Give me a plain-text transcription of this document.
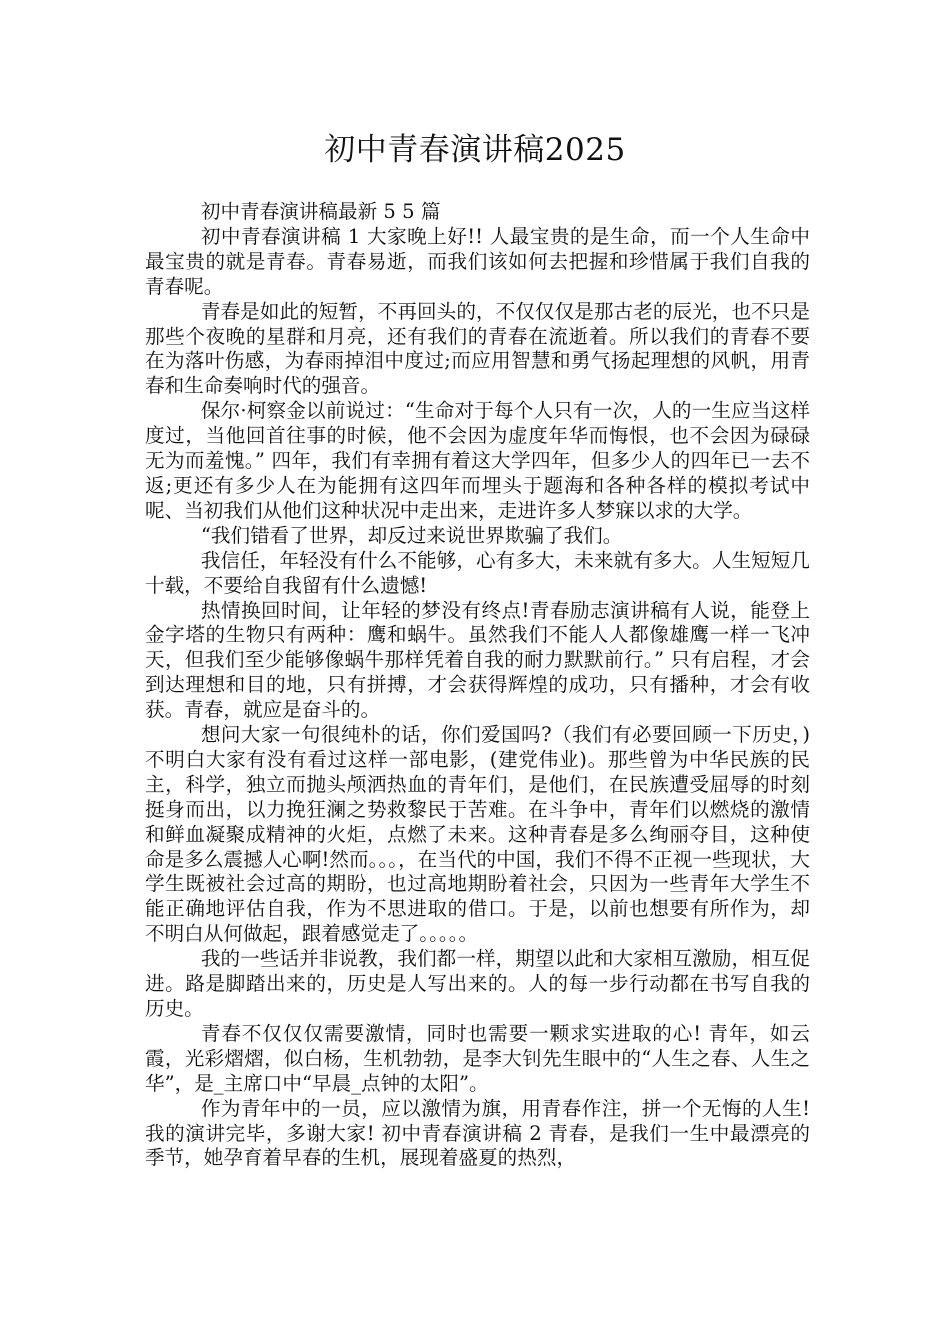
初中青春演讲稿2025

初中青春演讲稿最新 5 5 篇

初中青春演讲稿 1 大家晚上好!! 人最宝贵的是生命，而一个人生命中最宝贵的就是青春。青春易逝，而我们该如何去把握和珍惜属于我们自我的青春呢。

青春是如此的短暂，不再回头的，不仅仅仅是那古老的辰光，也不只是那些个夜晚的星群和月亮，还有我们的青春在流逝着。所以我们的青春不要在为落叶伤感，为春雨掉泪中度过;而应用智慧和勇气扬起理想的风帆，用青春和生命奏响时代的强音。

保尔·柯察金以前说过：“生命对于每个人只有一次，人的一生应当这样度过，当他回首往事的时候，他不会因为虚度年华而悔恨，也不会因为碌碌无为而羞愧。” 四年，我们有幸拥有着这大学四年，但多少人的四年已一去不返;更还有多少人在为能拥有这四年而埋头于题海和各种各样的模拟考试中呢、当初我们从他们这种状况中走出来，走进许多人梦寐以求的大学。

“我们错看了世界，却反过来说世界欺骗了我们。

我信任，年轻没有什么不能够，心有多大，未来就有多大。人生短短几十载，不要给自我留有什么遗憾!

热情换回时间，让年轻的梦没有终点!青春励志演讲稿有人说，能登上金字塔的生物只有两种：鹰和蜗牛。虽然我们不能人人都像雄鹰一样一飞冲天，但我们至少能够像蜗牛那样凭着自我的耐力默默前行。” 只有启程，才会到达理想和目的地，只有拼搏，才会获得辉煌的成功，只有播种，才会有收获。青春，就应是奋斗的。

想问大家一句很纯朴的话，你们爱国吗?（我们有必要回顾一下历史，)不明白大家有没有看过这样一部电影，(建党伟业)。那些曾为中华民族的民主，科学，独立而抛头颅洒热血的青年们，是他们，在民族遭受屈辱的时刻挺身而出，以力挽狂澜之势救黎民于苦难。在斗争中，青年们以燃烧的激情和鲜血凝聚成精神的火炬，点燃了未来。这种青春是多么绚丽夺目，这种使命是多么震撼人心啊!然而。。。，在当代的中国，我们不得不正视一些现状，大学生既被社会过高的期盼，也过高地期盼着社会，只因为一些青年大学生不能正确地评估自我，作为不思进取的借口。于是，以前也想要有所作为，却不明白从何做起，跟着感觉走了。。。。。

我的一些话并非说教，我们都一样，期望以此和大家相互激励，相互促进。路是脚踏出来的，历史是人写出来的。人的每一步行动都在书写自我的历史。

青春不仅仅仅需要激情，同时也需要一颗求实进取的心! 青年，如云霞，光彩熠熠，似白杨，生机勃勃，是李大钊先生眼中的“人生之春、人生之华”，是_主席口中“早晨_点钟的太阳”。

作为青年中的一员，应以激情为旗，用青春作注，拼一个无悔的人生! 我的演讲完毕，多谢大家! 初中青春演讲稿 2 青春，是我们一生中最漂亮的季节，她孕育着早春的生机，展现着盛夏的热烈，
